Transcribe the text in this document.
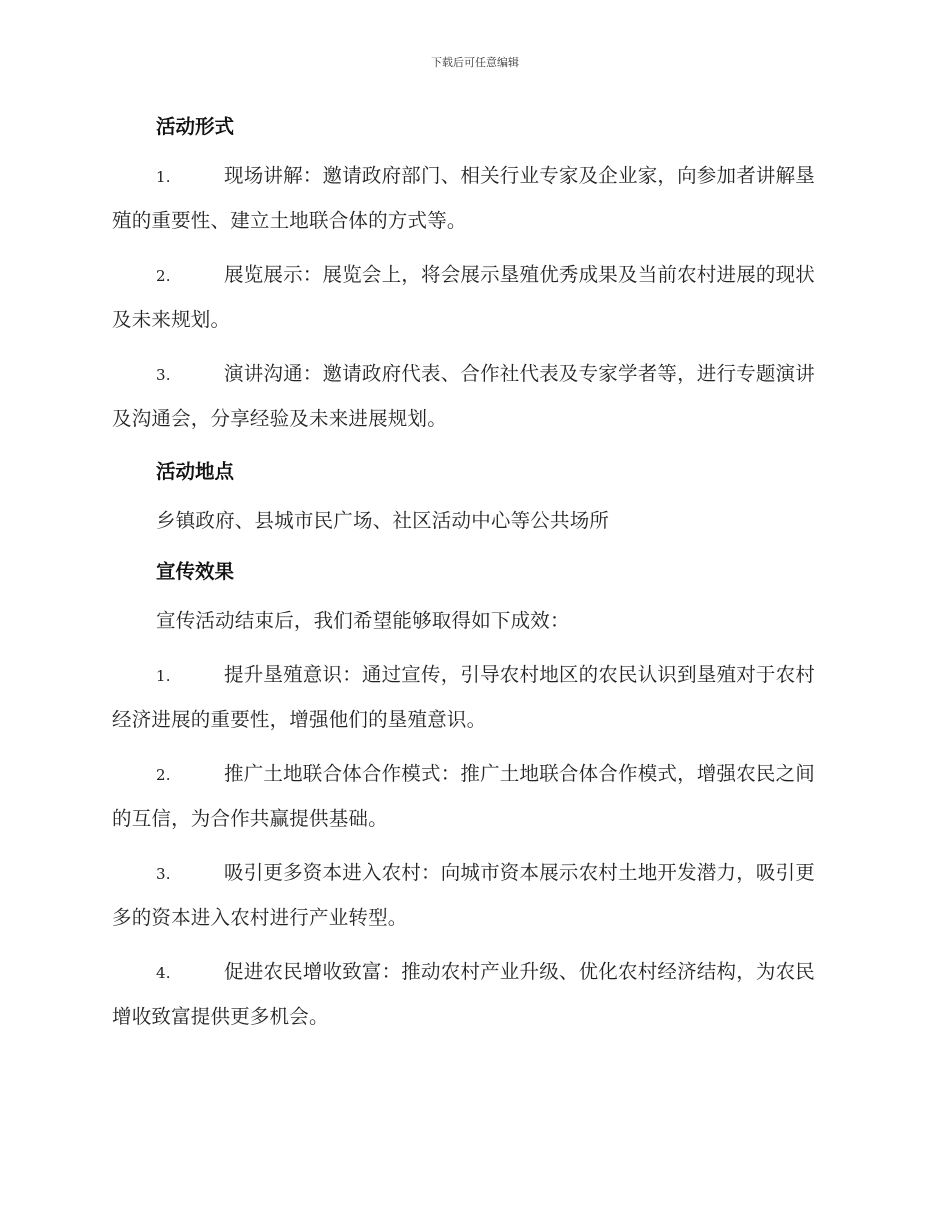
下载后可任意编辑
活动形式
1.	现场讲解：邀请政府部门、相关行业专家及企业家，向参加者讲解垦殖的重要性、建立土地联合体的方式等。
2.	展览展示：展览会上，将会展示垦殖优秀成果及当前农村进展的现状及未来规划。
3.	演讲沟通：邀请政府代表、合作社代表及专家学者等，进行专题演讲及沟通会，分享经验及未来进展规划。
活动地点
乡镇政府、县城市民广场、社区活动中心等公共场所
宣传效果
宣传活动结束后，我们希望能够取得如下成效：
1.	提升垦殖意识：通过宣传，引导农村地区的农民认识到垦殖对于农村经济进展的重要性，增强他们的垦殖意识。
2.	推广土地联合体合作模式：推广土地联合体合作模式，增强农民之间的互信，为合作共赢提供基础。
3.	吸引更多资本进入农村：向城市资本展示农村土地开发潜力，吸引更多的资本进入农村进行产业转型。
4.	促进农民增收致富：推动农村产业升级、优化农村经济结构，为农民增收致富提供更多机会。
